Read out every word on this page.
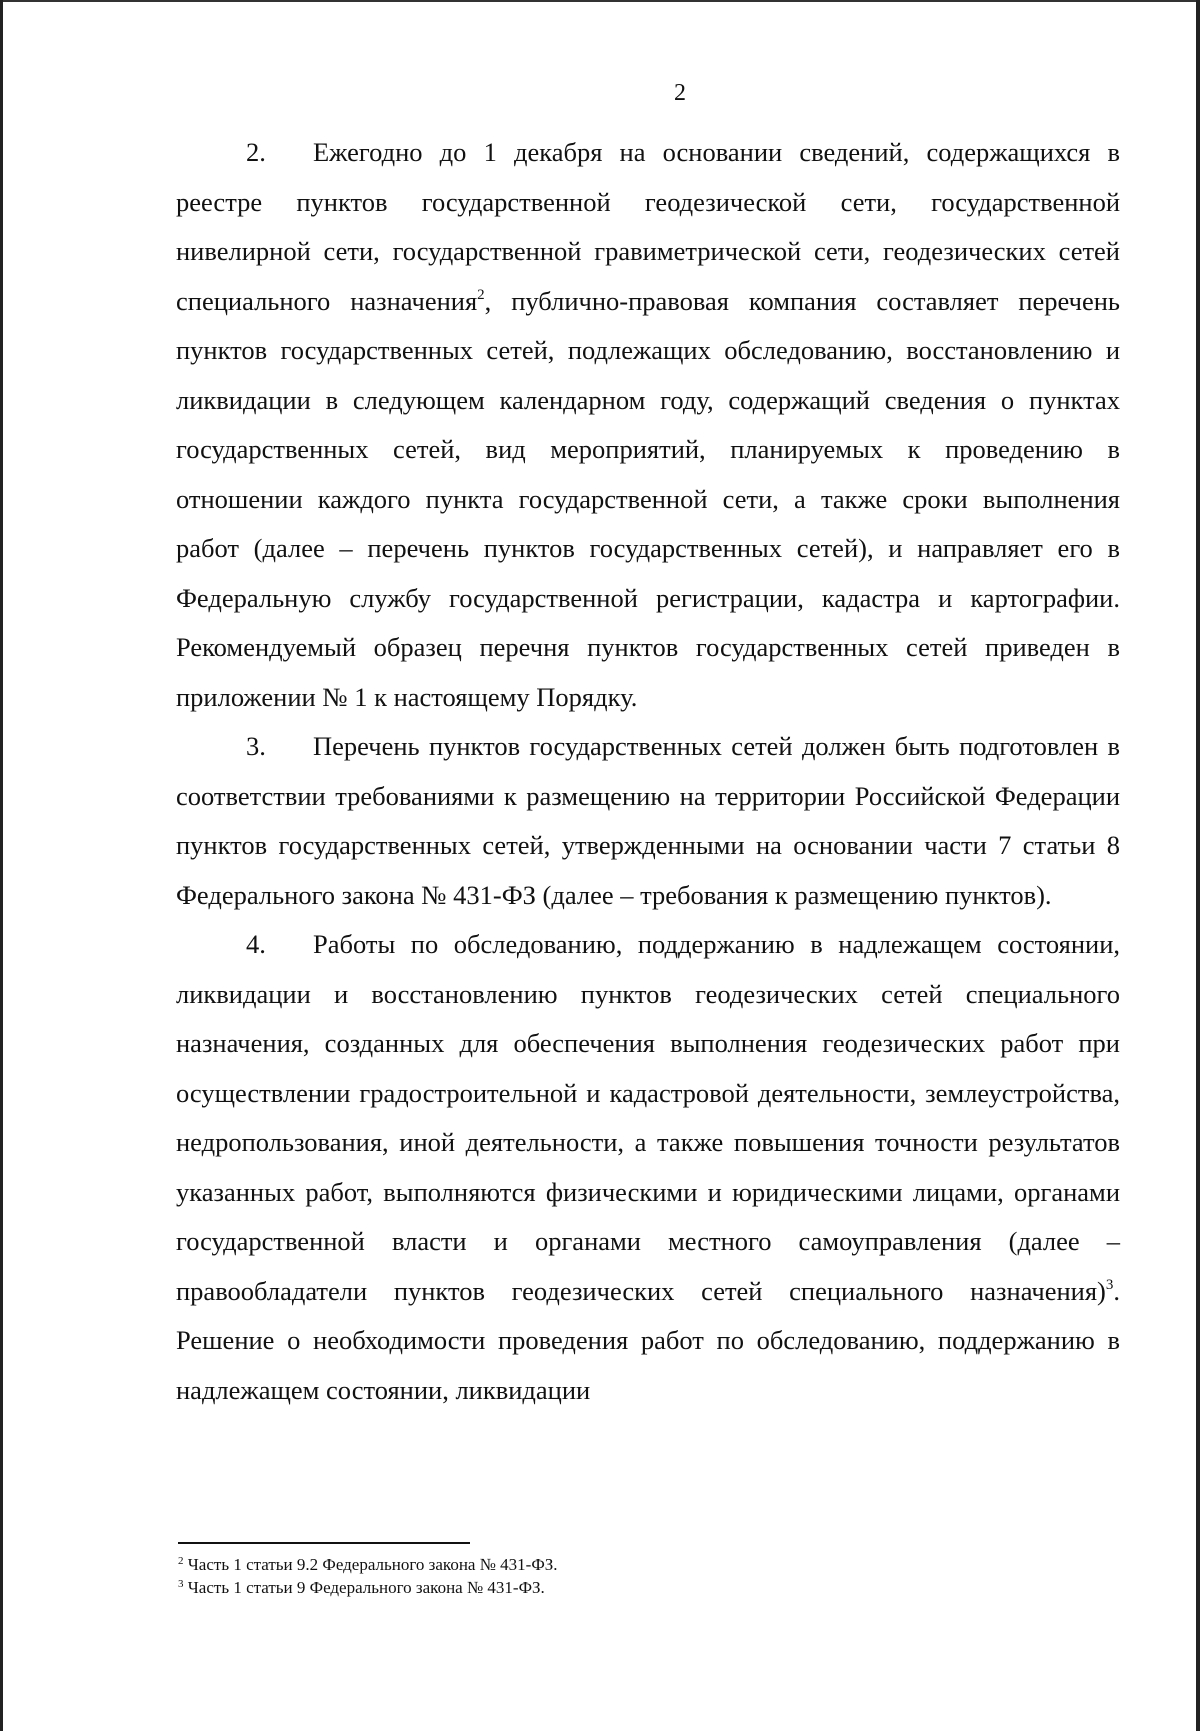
2

2. Ежегодно до 1 декабря на основании сведений, содержащихся в реестре пунктов государственной геодезической сети, государственной нивелирной сети, государственной гравиметрической сети, геодезических сетей специального назначения$^2$, публично-правовая компания составляет перечень пунктов государственных сетей, подлежащих обследованию, восстановлению и ликвидации в следующем календарном году, содержащий сведения о пунктах государственных сетей, вид мероприятий, планируемых к проведению в отношении каждого пункта государственной сети, а также сроки выполнения работ (далее – перечень пунктов государственных сетей), и направляет его в Федеральную службу государственной регистрации, кадастра и картографии. Рекомендуемый образец перечня пунктов государственных сетей приведен в приложении № 1 к настоящему Порядку.

3. Перечень пунктов государственных сетей должен быть подготовлен в соответствии требованиями к размещению на территории Российской Федерации пунктов государственных сетей, утвержденными на основании части 7 статьи 8 Федерального закона № 431-ФЗ (далее – требования к размещению пунктов).

4. Работы по обследованию, поддержанию в надлежащем состоянии, ликвидации и восстановлению пунктов геодезических сетей специального назначения, созданных для обеспечения выполнения геодезических работ при осуществлении градостроительной и кадастровой деятельности, землеустройства, недропользования, иной деятельности, а также повышения точности результатов указанных работ, выполняются физическими и юридическими лицами, органами государственной власти и органами местного самоуправления (далее – правообладатели пунктов геодезических сетей специального назначения)$^3$. Решение о необходимости проведения работ по обследованию, поддержанию в надлежащем состоянии, ликвидации

$^2$ Часть 1 статьи 9.2 Федерального закона № 431-ФЗ.

$^3$ Часть 1 статьи 9 Федерального закона № 431-ФЗ.
